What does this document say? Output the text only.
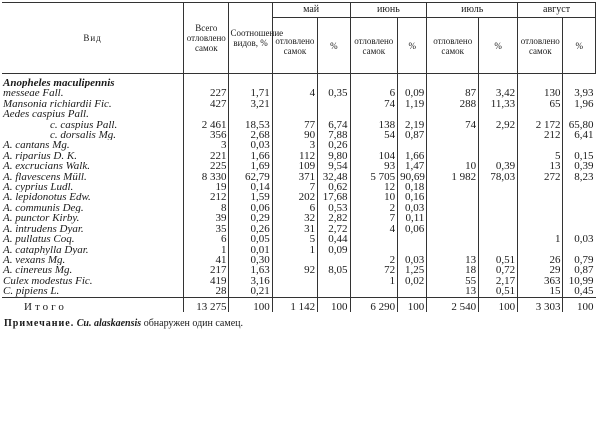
Вид	Всего отловлено самок	Соотношение видов, %	май		июнь		июль		август	
			отловлено самок	%	отловлено самок	%	отловлено самок	%	отловлено самок	%
Anopheles maculipennis										
messeae Fall.	227	1,71	4	0,35	6	0,09	87	3,42	130	3,93
Mansonia richiardii Fic.	427	3,21			74	1,19	288	11,33	65	1,96
Aedes caspius Pall.										
c. caspius Pall.	2 461	18,53	77	6,74	138	2,19	74	2,92	2 172	65,80
c. dorsalis Mg.	356	2,68	90	7,88	54	0,87			212	6,41
A. cantans Mg.	3	0,03	3	0,26						
A. riparius D. K.	221	1,66	112	9,80	104	1,66			5	0,15
A. excrucians Walk.	225	1,69	109	9,54	93	1,47	10	0,39	13	0,39
A. flavescens Müll.	8 330	62,79	371	32,48	5 705	90,69	1 982	78,03	272	8,23
A. cyprius Ludl.	19	0,14	7	0,62	12	0,18				
A. lepidonotus Edw.	212	1,59	202	17,68	10	0,16				
A. communis Deg.	8	0,06	6	0,53	2	0,03				
A. punctor Kirby.	39	0,29	32	2,82	7	0,11				
A. intrudens Dyar.	35	0,26	31	2,72	4	0,06				
A. pullatus Coq.	6	0,05	5	0,44					1	0,03
A. cataphylla Dyar.	1	0,01	1	0,09						
A. vexans Mg.	41	0,30			2	0,03	13	0,51	26	0,79
A. cinereus Mg.	217	1,63	92	8,05	72	1,25	18	0,72	29	0,87
Culex modestus Fic.	419	3,16			1	0,02	55	2,17	363	10,99
C. pipiens L.	28	0,21					13	0,51	15	0,45
Итого	13 275	100	1 142	100	6 290	100	2 540	100	3 303	100
Примечание. Cu. alaskaensis обнаружен один самец.
